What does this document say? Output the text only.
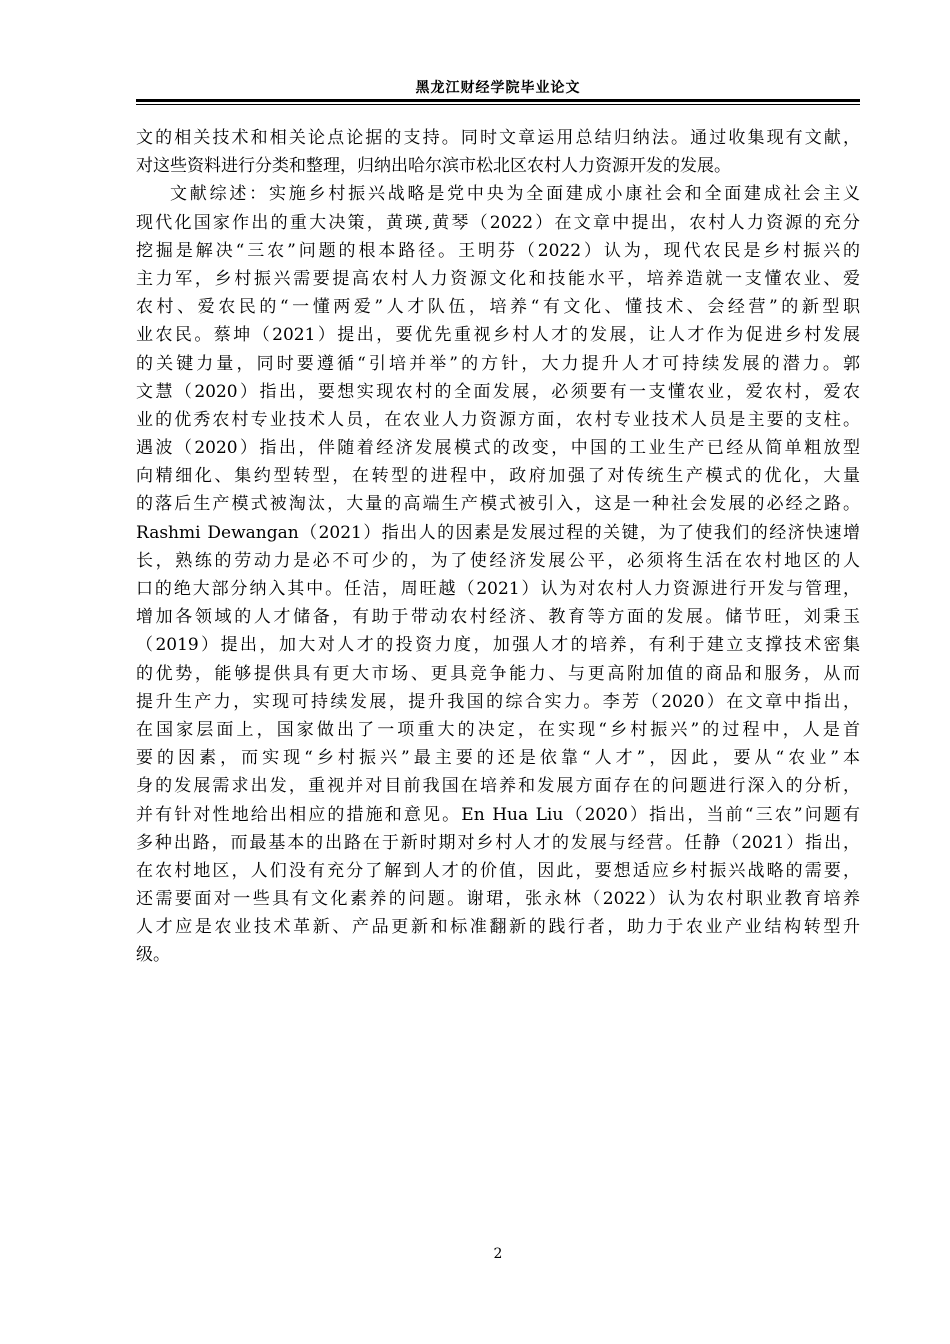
黑龙江财经学院毕业论文
文的相关技术和相关论点论据的支持。同时文章运用总结归纳法。通过收集现有文献，
对这些资料进行分类和整理，归纳出哈尔滨市松北区农村人力资源开发的发展。
文献综述：实施乡村振兴战略是党中央为全面建成小康社会和全面建成社会主义
现代化国家作出的重大决策，黄瑛,黄琴（2022）在文章中提出，农村人力资源的充分
挖掘是解决“三农”问题的根本路径。王明芬（2022）认为，现代农民是乡村振兴的
主力军，乡村振兴需要提高农村人力资源文化和技能水平，培养造就一支懂农业、爱
农村、爱农民的“一懂两爱”人才队伍，培养“有文化、懂技术、会经营”的新型职
业农民。蔡坤（2021）提出，要优先重视乡村人才的发展，让人才作为促进乡村发展
的关键力量，同时要遵循“引培并举”的方针，大力提升人才可持续发展的潜力。郭
文慧（2020）指出，要想实现农村的全面发展，必须要有一支懂农业，爱农村，爱农
业的优秀农村专业技术人员，在农业人力资源方面，农村专业技术人员是主要的支柱。
遇波（2020）指出，伴随着经济发展模式的改变，中国的工业生产已经从简单粗放型
向精细化、集约型转型，在转型的进程中，政府加强了对传统生产模式的优化，大量
的落后生产模式被淘汰，大量的高端生产模式被引入，这是一种社会发展的必经之路。
Rashmi Dewangan（2021）指出人的因素是发展过程的关键，为了使我们的经济快速增
长，熟练的劳动力是必不可少的，为了使经济发展公平，必须将生活在农村地区的人
口的绝大部分纳入其中。任洁，周旺越（2021）认为对农村人力资源进行开发与管理，
增加各领域的人才储备，有助于带动农村经济、教育等方面的发展。储节旺，刘秉玉
（2019）提出，加大对人才的投资力度，加强人才的培养，有利于建立支撑技术密集
的优势，能够提供具有更大市场、更具竞争能力、与更高附加值的商品和服务，从而
提升生产力，实现可持续发展，提升我国的综合实力。李芳（2020）在文章中指出，
在国家层面上，国家做出了一项重大的决定，在实现“乡村振兴”的过程中，人是首
要的因素，而实现“乡村振兴”最主要的还是依靠“人才”，因此，要从“农业”本
身的发展需求出发，重视并对目前我国在培养和发展方面存在的问题进行深入的分析，
并有针对性地给出相应的措施和意见。En Hua Liu（2020）指出，当前“三农”问题有
多种出路，而最基本的出路在于新时期对乡村人才的发展与经营。任静（2021）指出，
在农村地区，人们没有充分了解到人才的价值，因此，要想适应乡村振兴战略的需要，
还需要面对一些具有文化素养的问题。谢珺，张永林（2022）认为农村职业教育培养
人才应是农业技术革新、产品更新和标准翻新的践行者，助力于农业产业结构转型升
级。
2
